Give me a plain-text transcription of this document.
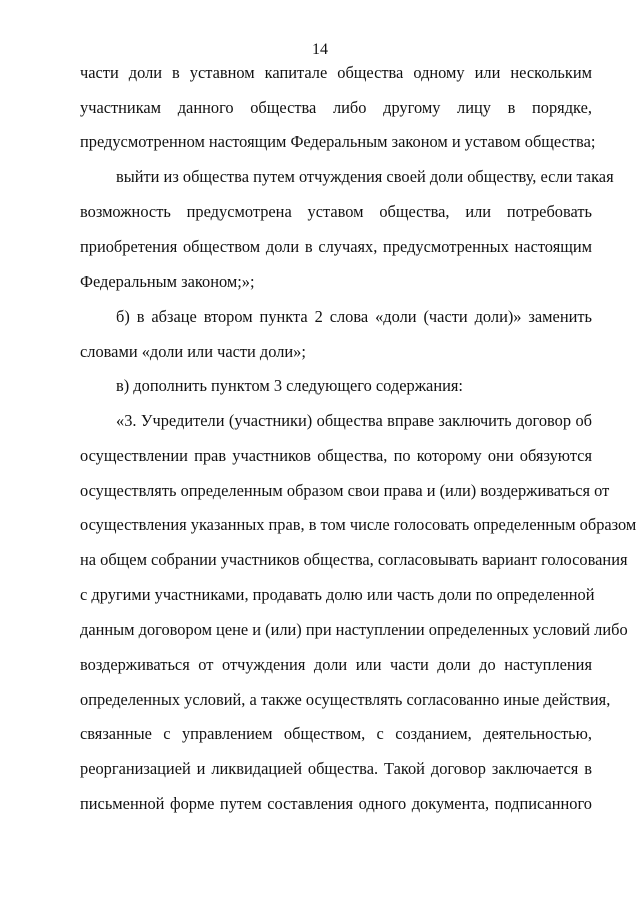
14
части доли в уставном капитале общества одному или нескольким
участникам данного общества либо другому лицу в порядке,
предусмотренном настоящим Федеральным законом и уставом общества;
выйти из общества путем отчуждения своей доли обществу, если такая
возможность предусмотрена уставом общества, или потребовать
приобретения обществом доли в случаях, предусмотренных настоящим
Федеральным законом;»;
б) в абзаце втором пункта 2 слова «доли (части доли)» заменить
словами «доли или части доли»;
в) дополнить пунктом 3 следующего содержания:
«3. Учредители (участники) общества вправе заключить договор об
осуществлении прав участников общества, по которому они обязуются
осуществлять определенным образом свои права и (или) воздерживаться от
осуществления указанных прав, в том числе голосовать определенным образом
на общем собрании участников общества, согласовывать вариант голосования
с другими участниками, продавать долю или часть доли по определенной
данным договором цене и (или) при наступлении определенных условий либо
воздерживаться от отчуждения доли или части доли до наступления
определенных условий, а также осуществлять согласованно иные действия,
связанные с управлением обществом, с созданием, деятельностью,
реорганизацией и ликвидацией общества. Такой договор заключается в
письменной форме путем составления одного документа, подписанного
